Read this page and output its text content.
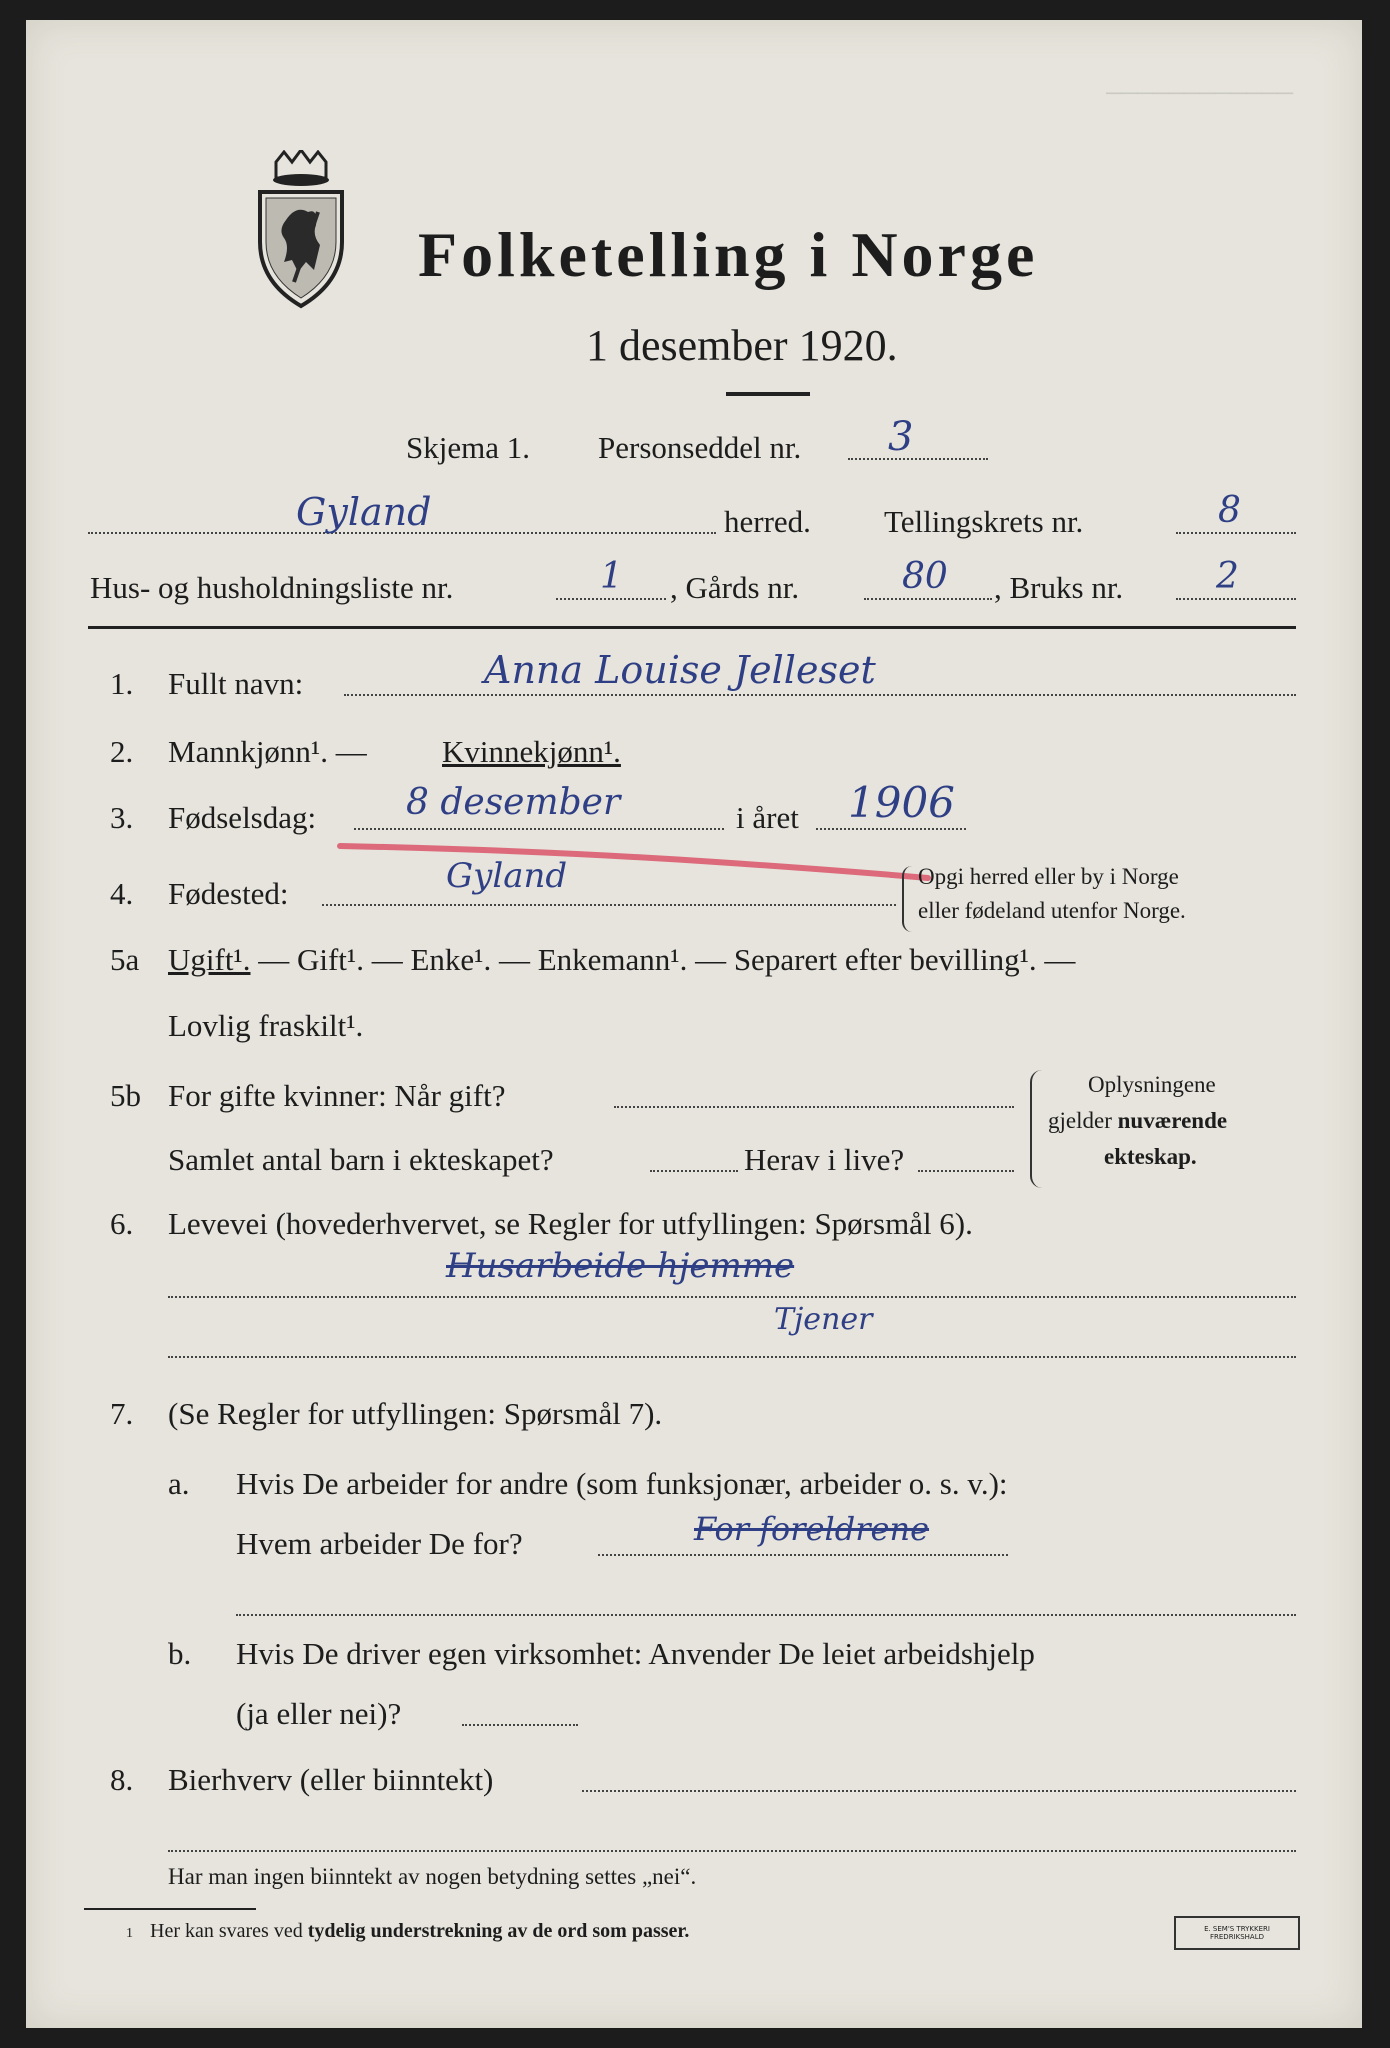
────────────
Folketelling i Norge
1 desember 1920.
Skjema 1. Personseddel nr. 3
Gyland	herred. Tellingskrets nr.	8
Hus- og husholdningsliste nr.	1 , Gårds nr.	80 , Bruks nr.	2
1. Fullt navn:	Anna Louise Jelleset
2. Mannkjønn¹. — Kvinnekjønn¹.
3. Fødselsdag: 8 desember	i året 1906
4. Fødested:	Gyland	Opgi herred eller by i Norge
eller fødeland utenfor Norge.
5a Ugift¹. — Gift¹. — Enke¹. — Enkemann¹. — Separert efter bevilling¹. —
Lovlig fraskilt¹.
5b For gifte kvinner: Når gift?
Samlet antal barn i ekteskapet?	Herav i live?
Oplysningene
gjelder nuværende
ekteskap.
6. Levevei (hovederhvervet, se Regler for utfyllingen: Spørsmål 6).
Husarbeide hjemme
Tjener
7. (Se Regler for utfyllingen: Spørsmål 7).
a. Hvis De arbeider for andre (som funksjonær, arbeider o. s. v.):
Hvem arbeider De for?	For foreldrene
b. Hvis De driver egen virksomhet: Anvender De leiet arbeidshjelp
(ja eller nei)?
8. Bierhverv (eller biinntekt)
Har man ingen biinntekt av nogen betydning settes „nei“.
1 Her kan svares ved tydelig understrekning av de ord som passer.	E. SEM'S TRYKKERI FREDRIKSHALD
